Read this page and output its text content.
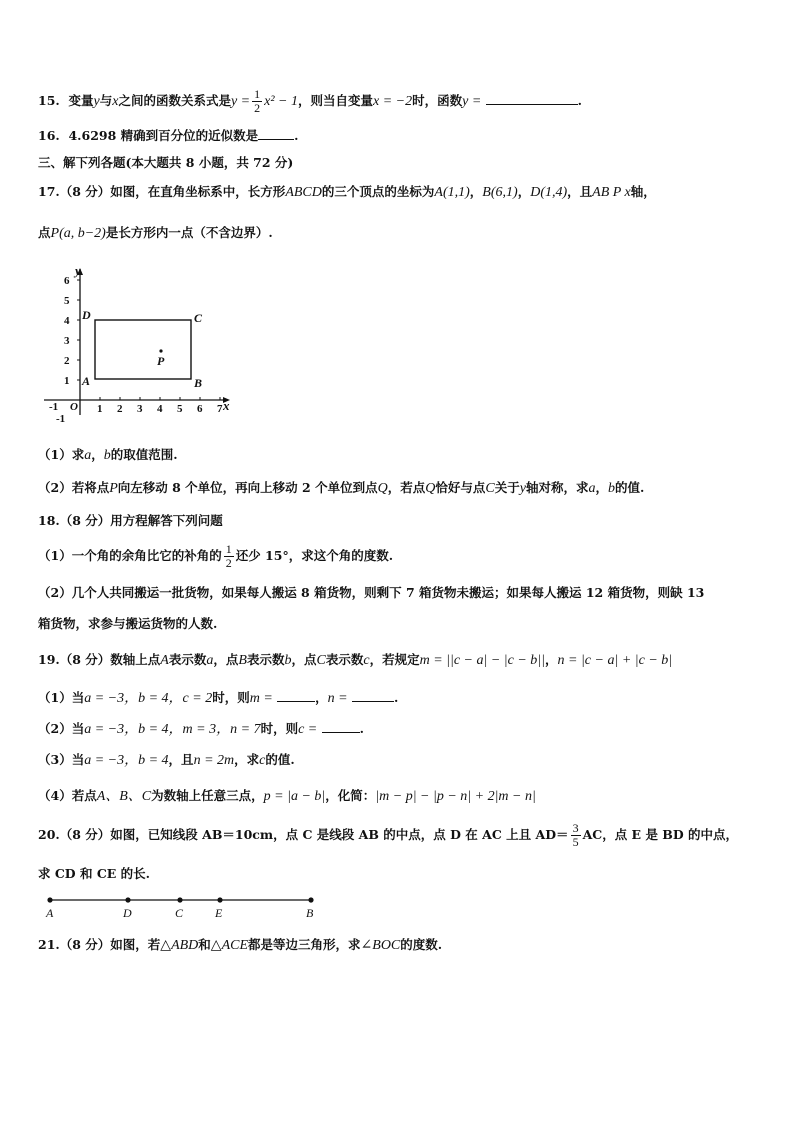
15. 变量y与x之间的函数关系式是$y = \frac{1}{2} x^2 - 1$，则当自变量x = −2时，函数y =	.
16. 4.6298 精确到百分位的近似数是	.
三、解下列各题(本大题共 8 小题，共 72 分)
17.（8 分）如图，在直角坐标系中，长方形ABCD的三个顶点的坐标为A(1,1)，B(6,1)，D(1,4)，且AB P x轴，
点P(a, b−2)是长方形内一点（不含边界）.
6
5
4
3
2
1
1 2 3 4 5 6 7
-1
-1
O	x
y
A	B
C
D
P
（1）求a，b的取值范围.
（2）若将点P向左移动 8 个单位，再向上移动 2 个单位到点Q，若点Q恰好与点C关于y轴对称，求a，b的值.
18.（8 分）用方程解答下列问题
（1）一个角的余角比它的补角的 $\frac{1}{2}$ 还少 15°，求这个角的度数.
（2）几个人共同搬运一批货物，如果每人搬运 8 箱货物，则剩下 7 箱货物未搬运；如果每人搬运 12 箱货物，则缺 13
箱货物，求参与搬运货物的人数.
19.（8 分）数轴上点A表示数a，点B表示数b，点C表示数c，若规定m = ||c − a| − |c − b||，n = |c − a| + |c − b|
（1）当a = −3，b = 4，c = 2时，则m =	，n =	.
（2）当a = −3，b = 4，m = 3，n = 7时，则c =	.
（3）当a = −3，b = 4，且n = 2m，求c的值.
（4）若点A、B、C为数轴上任意三点，p = |a − b|，化简：|m − p| − |p − n| + 2|m − n|
20.（8 分）如图，已知线段 AB＝10cm，点 C 是线段 AB 的中点，点 D 在 AC 上且 $AD= \frac{3}{5}$ AC，点 E 是 BD 的中点，
求 CD 和 CE 的长.
A	D	C	E	B
21.（8 分）如图，若△ABD和△ACE都是等边三角形，求∠BOC的度数.
